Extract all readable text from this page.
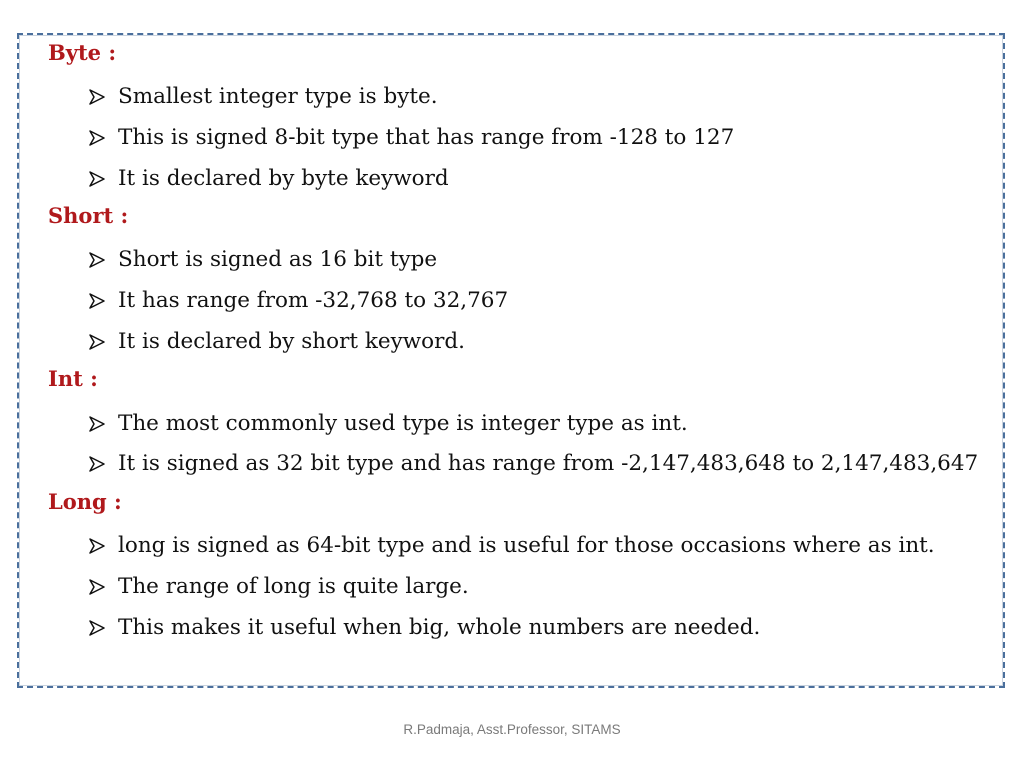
Byte :
Smallest integer type is byte.
This is signed 8-bit type that has range from -128 to 127
It is declared by byte keyword
Short :
Short is signed as 16 bit type
It has range from -32,768 to 32,767
It is declared by short keyword.
Int :
The most commonly used type is integer type as int.
It is signed as 32 bit type and has range from -2,147,483,648 to 2,147,483,647
Long :
long is signed as 64-bit type and is useful for those occasions where as int.
The range of long is quite large.
This makes it useful when big, whole numbers are needed.
R.Padmaja, Asst.Professor, SITAMS
